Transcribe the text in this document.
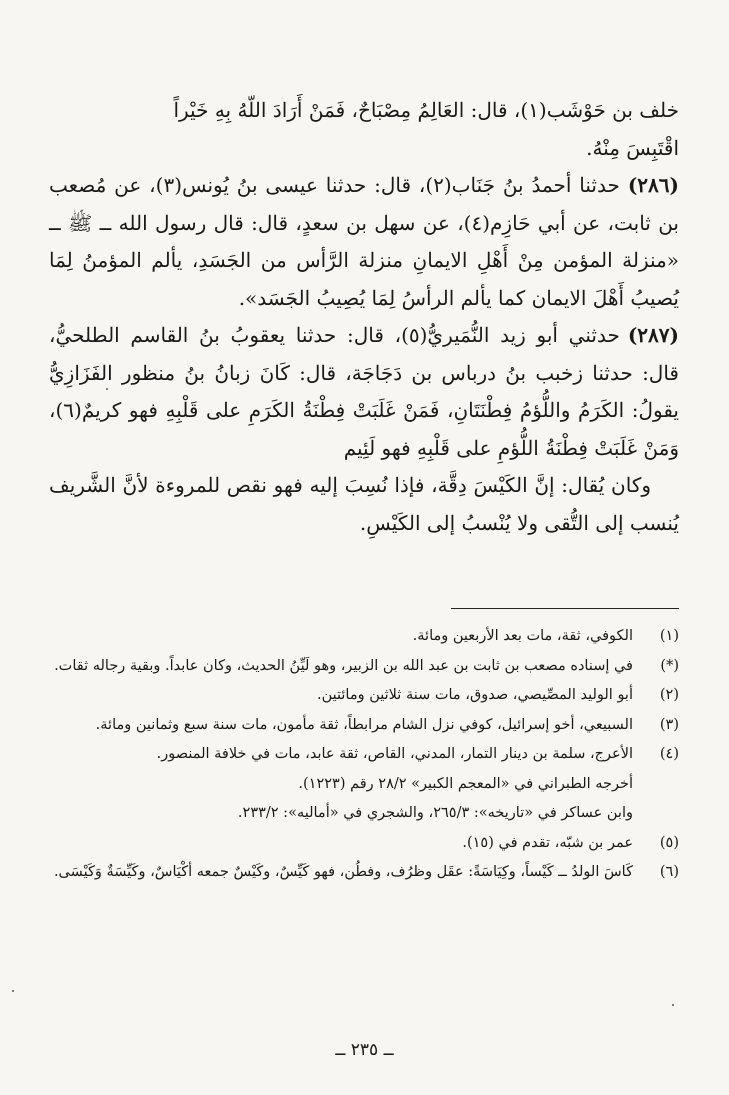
خلف بن حَوْشَب(١)، قال: العَالِمُ مِصْبَاحٌ، فَمَنْ أَرَادَ اللّهُ بِهِ خَيْراً

اقْتَبِسَ مِنْهُ.

(٢٨٦)حدثنا أحمدُ بنُ جَنَاب(٢)، قال: حدثنا عيسى بنُ يُونس(٣)، عن مُصعب بن ثابت، عن أبي حَازِم(٤)، عن سهل بن سعدٍ، قال: قال رسول الله ــ ﷺ ــ «منزلة المؤمن مِنْ أَهْلِ الايمانِ منزلة الرَّأس من الجَسَدِ، يألم المؤمنُ لِمَا يُصيبُ أَهْلَ الايمان كما يألم الرأسُ لِمَا يُصِيبُ الجَسَد».

(٢٨٧)حدثني أبو زيد النُّمَيريُّ(٥)، قال: حدثنا يعقوبُ بنُ القاسم الطلحيُّ، قال: حدثنا زخبب بنُ درباس بن دَجَاجَة، قال: كَانَ زبانُ بنُ منظور الفَزَازِيُّ يقولُ: الكَرَمُ واللُّؤمُ فِطْنَتَانِ، فَمَنْ غَلَبَتْ فِطْنَةُ الكَرَمِ على قَلْبِهِ فهو كريمٌ(٦)، وَمَنْ غَلَبَتْ فِطْنَةُ اللُّؤمِ على قَلْبِهِ فهو لَئِيم

وكان يُقال: إنَّ الكَيْسَ دِقَّة، فإذا نُسِبَ إليه فهو نقص للمروءة لأنَّ الشَّريف يُنسب إلى التُّقى ولا يُنْسبُ إلى الكَيْسِ.

(١)
الكوفي، ثقة، مات بعد الأربعين ومائة.
(*)
في إسناده مصعب بن ثابت بن عبد الله بن الزبير، وهو لَيِّنُ الحديث، وكان عابداً. وبقية رجاله ثقات.
(٢)
أبو الوليد المصِّيصي، صدوق، مات سنة ثلاثين ومائتين.
(٣)
السبيعي، أخو إسرائيل، كوفي نزل الشام مرابطاً، ثقة مأمون، مات سنة سبع وثمانين ومائة.
(٤)
الأعرج، سلمة بن دينار التمار، المدني، القاص، ثقة عابد، مات في خلافة المنصور.
أخرجه الطبراني في «المعجم الكبير» ٢٨/٢ رقم (١٢٢٣).
وابن عساكر في «تاريخه»: ٢٦٥/٣، والشجري في «أماليه»: ٢٣٣/٢.
(٥)
عمر بن شبّه، تقدم في (١٥).
(٦)
كَاسَ الولدُ ــ كَيْساً، وكِيَاسَةً: عقَل وظرُف، وفطُن، فهو كَيِّسٌ، وكَيْسٌ جمعه أكْيَاسٌ، وكَيِّسَةٌ وَكَيْسَى.
ــ ٢٣٥ ــ
